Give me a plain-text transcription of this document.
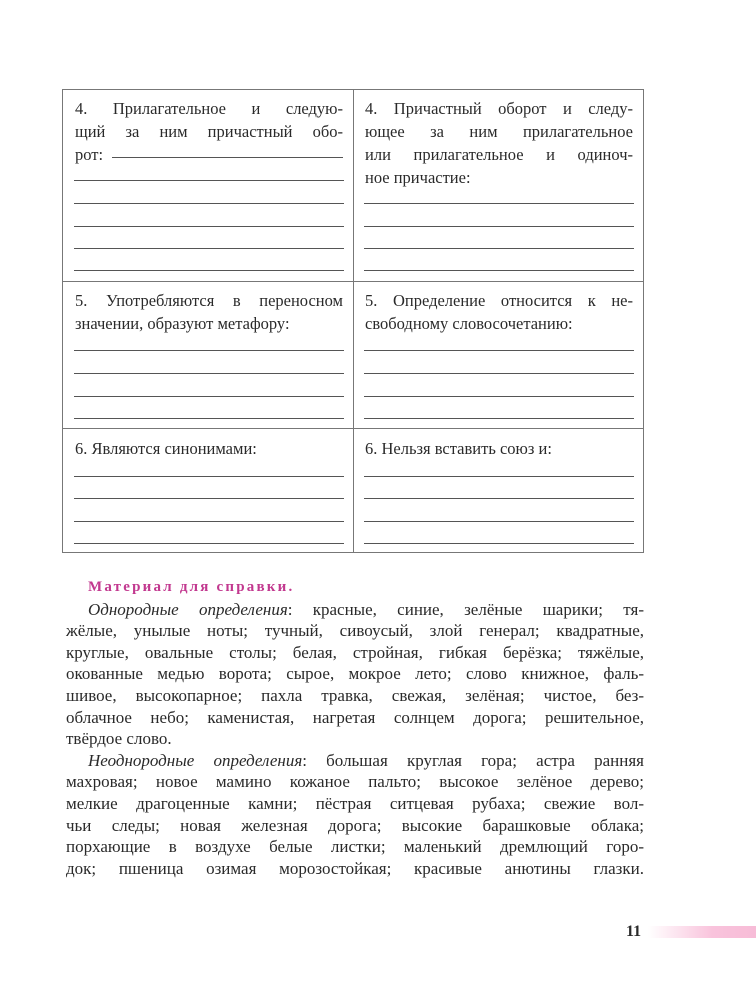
4. Прилагательное и следую-
щий за ним причастный обо-
рот:
4. Причастный оборот и следу-
ющее за ним прилагательное
или прилагательное и одиноч-
ное причастие:
5. Употребляются в переносном
значении, образуют метафору:
5. Определение относится к не-
свободному словосочетанию:
6. Являются синонимами:	6. Нельзя вставить союз и:
Материал для справки.
Однородные определения: красные, синие, зелёные шарики; тя-
жёлые, унылые ноты; тучный, сивоусый, злой генерал; квадратные,
круглые, овальные столы; белая, стройная, гибкая берёзка; тяжёлые,
окованные медью ворота; сырое, мокрое лето; слово книжное, фаль-
шивое, высокопарное; пахла травка, свежая, зелёная; чистое, без-
облачное небо; каменистая, нагретая солнцем дорога; решительное,
твёрдое слово.
Неоднородные определения: большая круглая гора; астра ранняя
махровая; новое мамино кожаное пальто; высокое зелёное дерево;
мелкие драгоценные камни; пёстрая ситцевая рубаха; свежие вол-
чьи следы; новая железная дорога; высокие барашковые облака;
порхающие в воздухе белые листки; маленький дремлющий горо-
док; пшеница озимая морозостойкая; красивые анютины глазки.
11
